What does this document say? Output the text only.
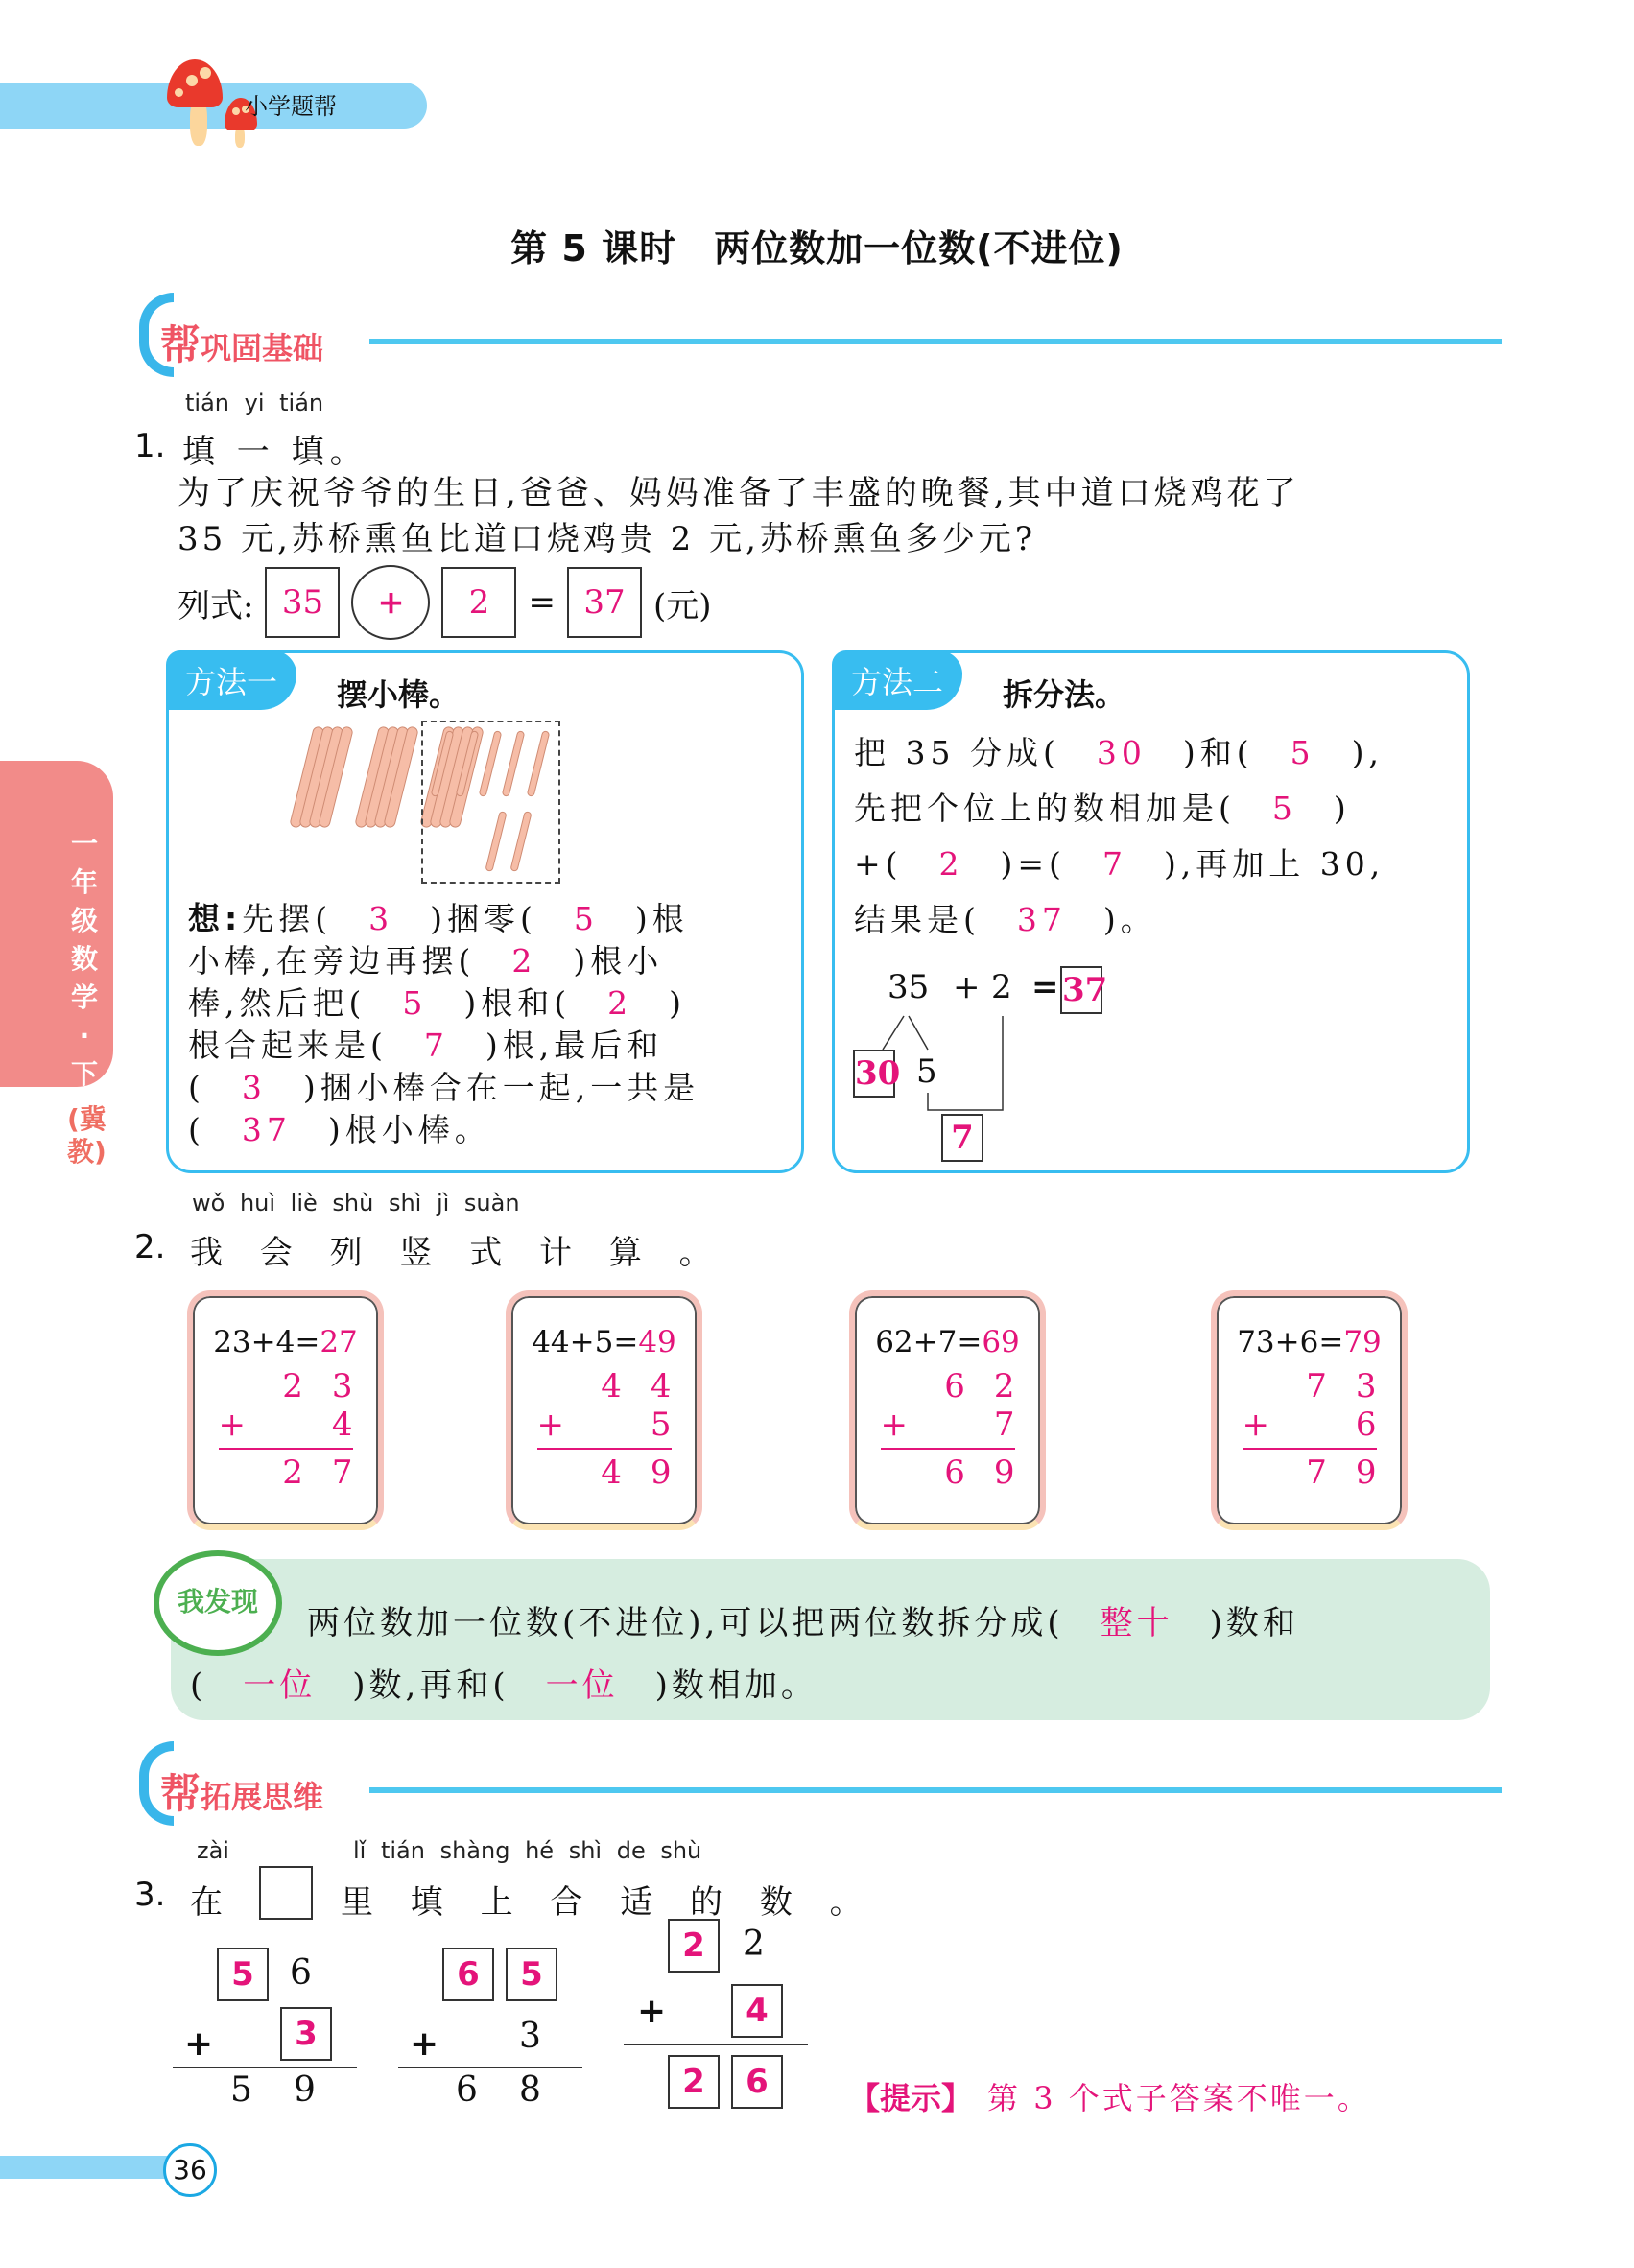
小学题帮
第 5 课时　两位数加一位数(不进位)
一年级数学·下
(冀教)
帮巩固基础
tián yi tián
1. 填 一 填。
为了庆祝爷爷的生日,爸爸、妈妈准备了丰盛的晚餐,其中道口烧鸡花了
35 元,苏桥熏鱼比道口烧鸡贵 2 元,苏桥熏鱼多少元?
列式: 35	+	2	= 37 (元)
方法一	摆小棒。
想:先摆(　 3　 )捆零(　 5　 )根
小棒,在旁边再摆(　 2　 )根小
棒,然后把(　 5　 )根和(　 2　 )
根合起来是(　 7　 )根,最后和
(　 3　 )捆小棒合在一起,一共是
(　 37　 )根小棒。
方法二	拆分法。
把 35 分成(　 30　 )和(　 5　 ),
先把个位上的数相加是(　 5　 )
+(　 2　 )=(　 7　 ),再加上 30,
结果是(　 37　 )。
35 + 2 = 37
30 5
7
wǒ huì liè shù shì jì suàn
2. 我 会 列 竖 式 计 算 。
23+4=27
2 3
+	4
2 7
44+5=49
4 4
+	5
4 9
62+7=69
6 2
+	7
6 9
73+6=79
7 3
+	6
7 9
我发现
两位数加一位数(不进位),可以把两位数拆分成(　 整十　 )数和
(　 一位　 )数,再和(　 一位　 )数相加。
帮拓展思维
zài	lǐ tián shàng hé shì de shù
3. 在	里 填 上 合 适 的 数 。
5	6
+	3
5 9
6	5
+ 3
6 8
2	2
+	4
2	6	【提示】　 第 3 个式子答案不唯一。
36
